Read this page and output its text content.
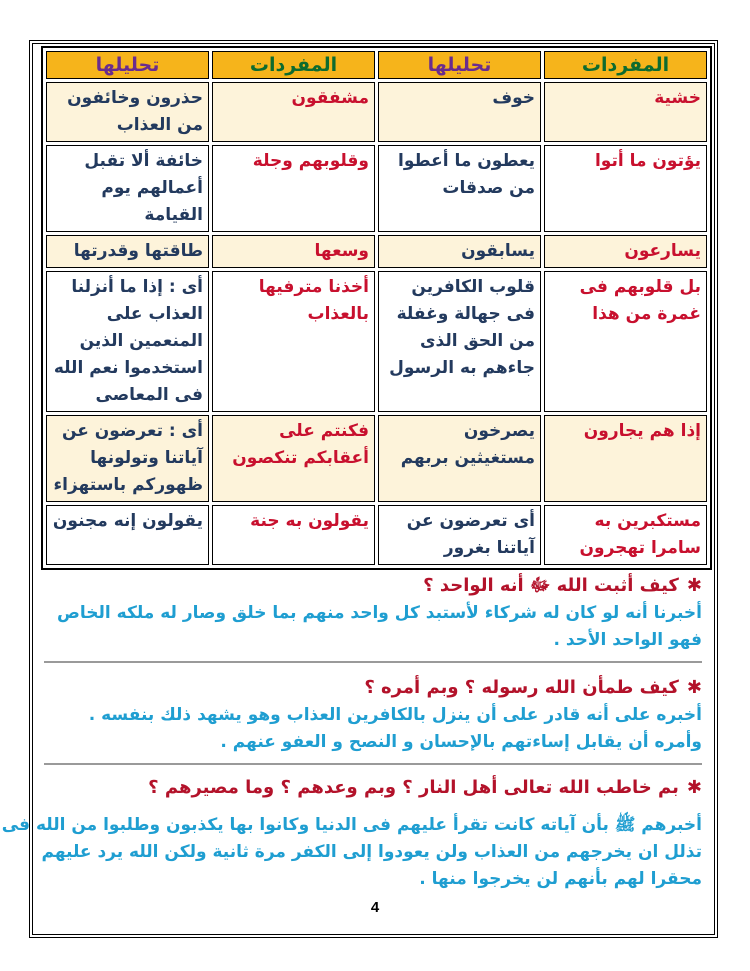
المفردات	تحليلها	المفردات	تحليلها
خشية	خوف	مشفقون	حذرون وخائفون من العذاب
يؤتون ما أتوا	يعطون ما أعطوا من صدقات	وقلوبهم وجلة	خائفة ألا تقبل أعمالهم يوم القيامة
يسارعون	يسابقون	وسعها	طاقتها وقدرتها
بل قلوبهم فى غمرة من هذا	قلوب الكافرين فى جهالة وغفلة من الحق الذى جاءهم به الرسول	أخذنا مترفيها بالعذاب	أى : إذا ما أنزلنا العذاب على المنعمين الذين استخدموا نعم الله فى المعاصى
إذا هم يجارون	يصرخون مستغيثين بربهم	فكنتم على أعقابكم تنكصون	أى : تعرضون عن آياتنا وتولونها ظهوركم باستهزاء
مستكبرين به سامرا تهجرون	أى تعرضون عن آياتنا بغرور	يقولون به جنة	يقولون إنه مجنون
✱كيف أثبت الله ﷻ أنه الواحد ؟
أخبرنا أنه لو كان له شركاء لأستبد كل واحد منهم بما خلق وصار له ملكه الخاص
فهو الواحد الأحد .
✱كيف طمأن الله رسوله ؟ وبم أمره ؟
أخبره على أنه قادر على أن ينزل بالكافرين العذاب وهو يشهد ذلك بنفسه .
وأمره أن يقابل إساءتهم بالإحسان و النصح و العفو عنهم .
✱بم خاطب الله تعالى أهل النار ؟ وبم وعدهم ؟ وما مصيرهم ؟
أخبرهم ﷺ بأن آياته كانت تقرأ عليهم فى الدنيا وكانوا بها يكذبون وطلبوا من الله فى
تذلل ان يخرجهم من العذاب ولن يعودوا إلى الكفر مرة ثانية ولكن الله يرد عليهم
محقرا لهم بأنهم لن يخرجوا منها .
4
